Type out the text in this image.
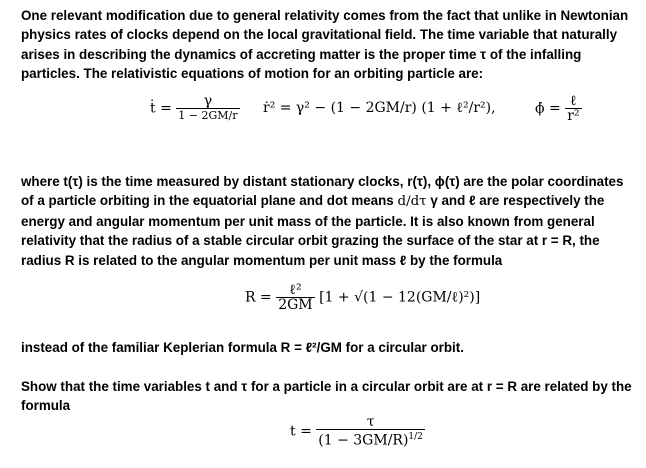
One relevant modification due to general relativity comes from the fact that unlike in Newtonian physics rates of clocks depend on the local gravitational field. The time variable that naturally arises in describing the dynamics of accreting matter is the proper time τ of the infalling particles. The relativistic equations of motion for an orbiting particle are:

ṫ = $\frac{\gamma}{1 - 2GM/r}$ ṙ² = γ² − (1 − 2GM/r) (1 + ℓ²/r²),	ϕ̇ = $\frac{\text{ℓ}}{\text{r²}}$

where t(τ) is the time measured by distant stationary clocks, r(τ), ϕ(τ) are the polar coordinates of a particle orbiting in the equatorial plane and dot means d/dτ γ and ℓ are respectively the energy and angular momentum per unit mass of the particle. It is also known from general relativity that the radius of a stable circular orbit grazing the surface of the star at r = R, the radius R is related to the angular momentum per unit mass ℓ by the formula

$R = \frac{\text{ℓ²}}{2GM} [1 + √(1$ − 12(GM/ℓ)²)]

instead of the familiar Keplerian formula R = ℓ²/GM for a circular orbit.

Show that the time variables t and τ for a particle in a circular orbit are at r = R are related by the formula

$t = \frac{\tau}{(1 - 3GM/R)^{1/2}}$
